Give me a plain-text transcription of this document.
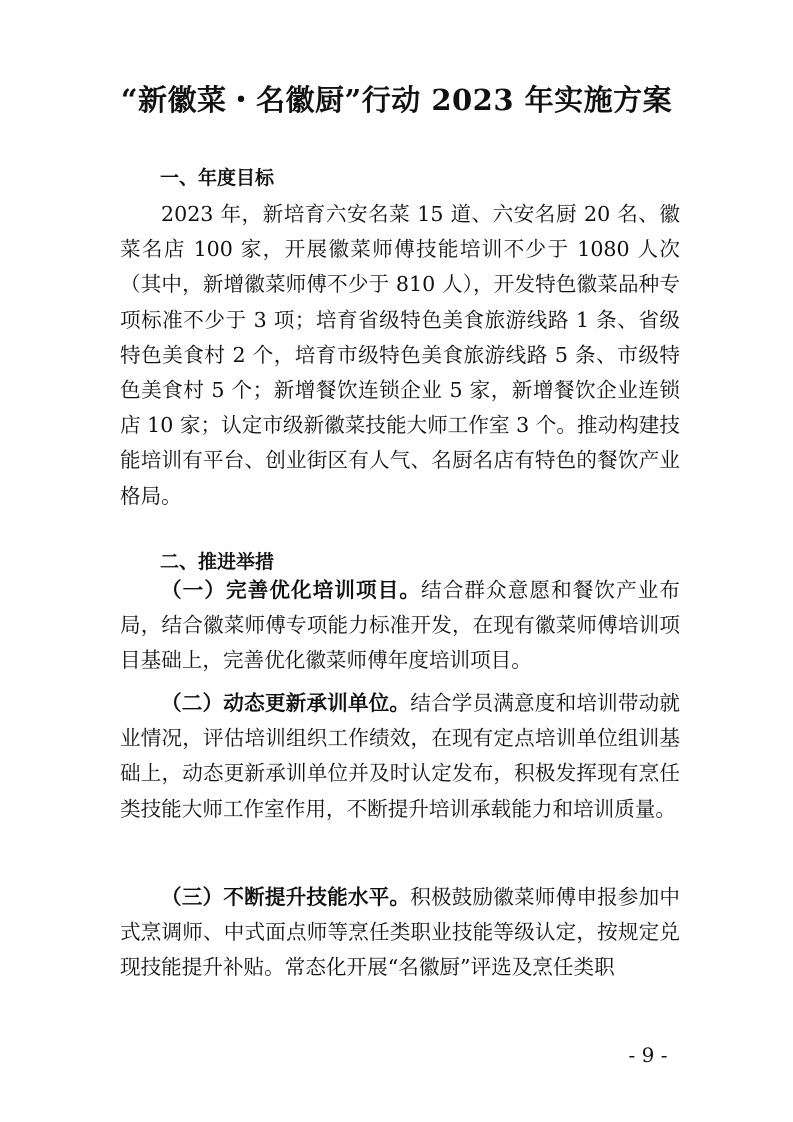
“新徽菜・名徽厨”行动 2023 年实施方案
一、年度目标

2023 年，新培育六安名菜 15 道、六安名厨 20 名、徽菜名店 100 家，开展徽菜师傅技能培训不少于 1080 人次（其中，新增徽菜师傅不少于 810 人），开发特色徽菜品种专项标准不少于 3 项；培育省级特色美食旅游线路 1 条、省级特色美食村 2 个，培育市级特色美食旅游线路 5 条、市级特色美食村 5 个；新增餐饮连锁企业 5 家，新增餐饮企业连锁店 10 家；认定市级新徽菜技能大师工作室 3 个。推动构建技能培训有平台、创业街区有人气、名厨名店有特色的餐饮产业格局。

二、推进举措

（一）完善优化培训项目。结合群众意愿和餐饮产业布局，结合徽菜师傅专项能力标准开发，在现有徽菜师傅培训项目基础上，完善优化徽菜师傅年度培训项目。

（二）动态更新承训单位。结合学员满意度和培训带动就业情况，评估培训组织工作绩效，在现有定点培训单位组训基础上，动态更新承训单位并及时认定发布，积极发挥现有烹任类技能大师工作室作用，不断提升培训承载能力和培训质量。

（三）不断提升技能水平。积极鼓励徽菜师傅申报参加中式烹调师、中式面点师等烹任类职业技能等级认定，按规定兑现技能提升补贴。常态化开展“名徽厨”评选及烹任类职

- 9 -
